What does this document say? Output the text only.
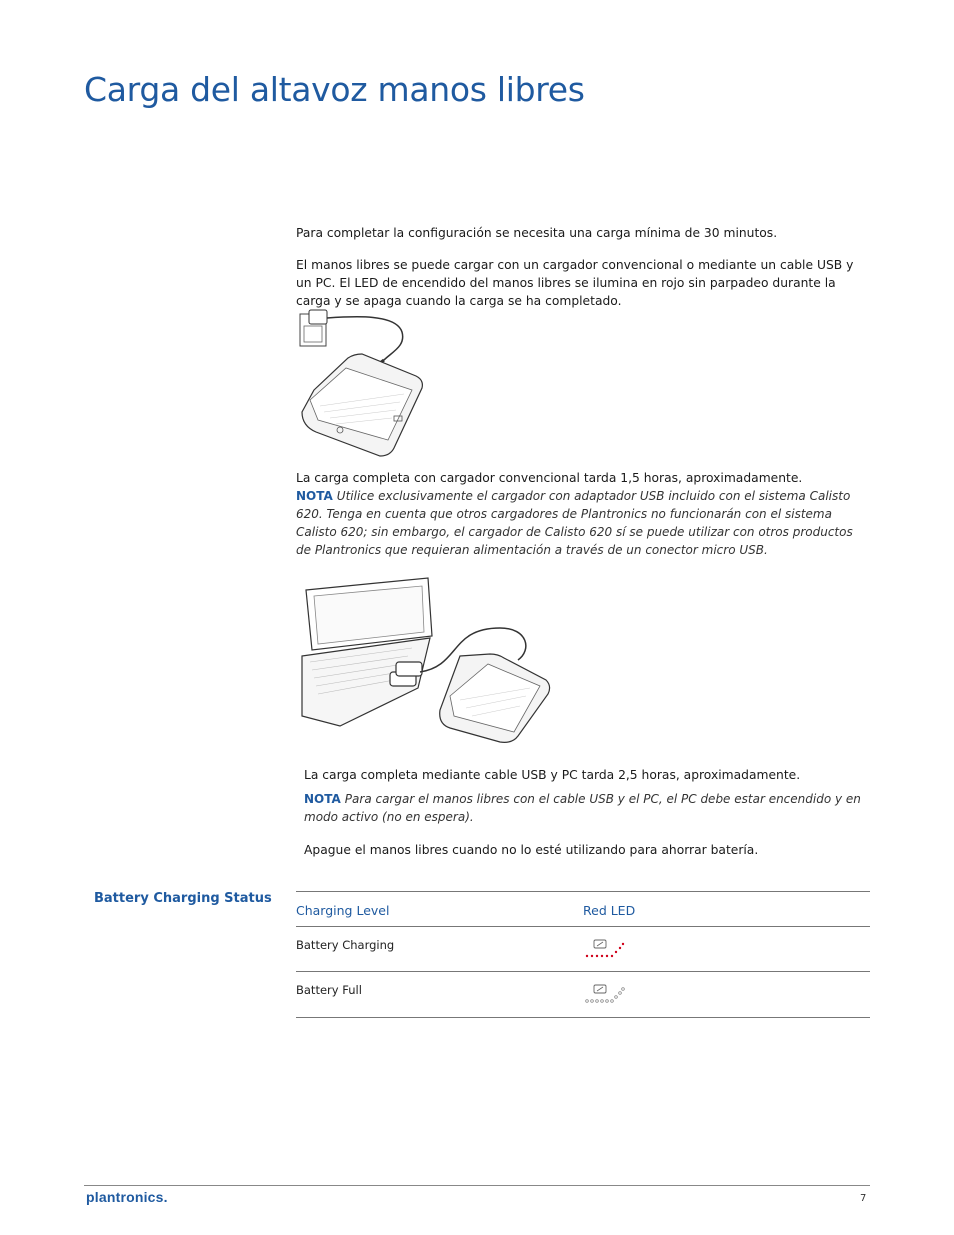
Carga del altavoz manos libres

Para completar la configuración se necesita una carga mínima de 30 minutos.

El manos libres se puede cargar con un cargador convencional o mediante un cable USB y un PC. El LED de encendido del manos libres se ilumina en rojo sin parpadeo durante la carga y se apaga cuando la carga se ha completado.

La carga completa con cargador convencional tarda 1,5 horas, aproximadamente.

NOTA Utilice exclusivamente el cargador con adaptador USB incluido con el sistema Calisto 620. Tenga en cuenta que otros cargadores de Plantronics no funcionarán con el sistema Calisto 620; sin embargo, el cargador de Calisto 620 sí se puede utilizar con otros productos de Plantronics que requieran alimentación a través de un conector micro USB.

La carga completa mediante cable USB y PC tarda 2,5 horas, aproximadamente.

NOTA Para cargar el manos libres con el cable USB y el PC, el PC debe estar encendido y en modo activo (no en espera).

Apague el manos libres cuando no lo esté utilizando para ahorrar batería.

Battery Charging Status
Charging Level	Red LED
Battery Charging
Battery Full
plantronics.	7
